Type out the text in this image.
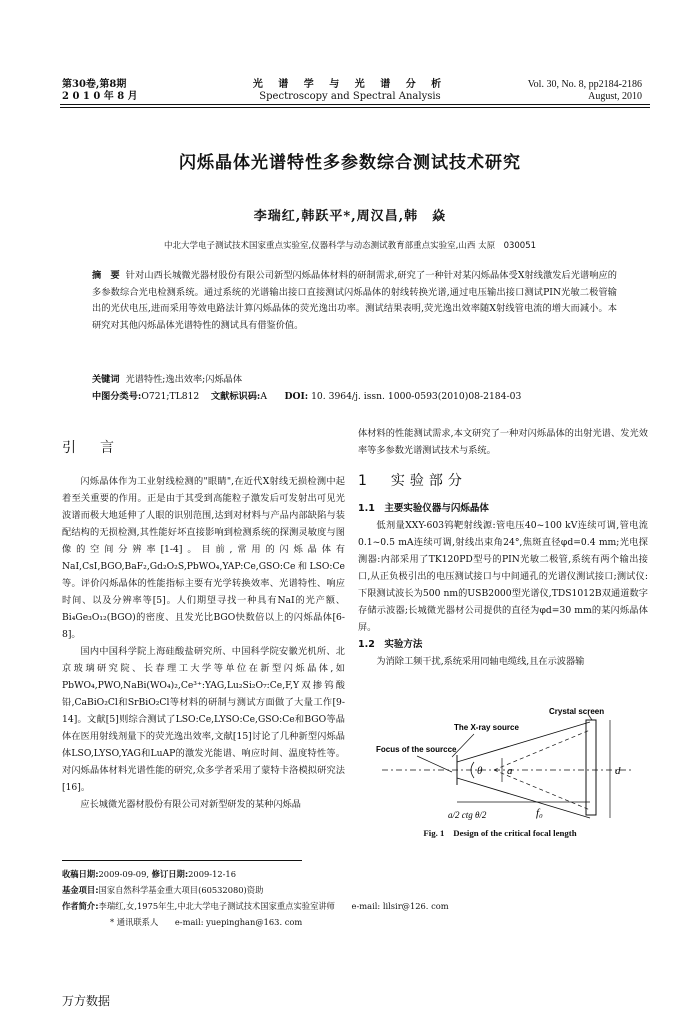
第30卷,第8期
2 0 1 0 年 8 月
光 谱 学 与 光 谱 分 析
Spectroscopy and Spectral Analysis
Vol. 30, No. 8, pp2184-2186
August, 2010
闪烁晶体光谱特性多参数综合测试技术研究
李瑞红,韩跃平*,周汉昌,韩　焱
中北大学电子测试技术国家重点实验室,仪器科学与动态测试教育部重点实验室,山西 太原　030051
摘　要 针对山西长城微光器材股份有限公司新型闪烁晶体材料的研制需求,研究了一种针对某闪烁晶体受X射线激发后光谱响应的多参数综合光电检测系统。通过系统的光谱输出接口直接测试闪烁晶体的射线转换光谱,通过电压输出接口测试PIN光敏二极管输出的光伏电压,进而采用等效电路法计算闪烁晶体的荧光逸出功率。测试结果表明,荧光逸出效率随X射线管电流的增大而减小。本研究对其他闪烁晶体光谱特性的测试具有借鉴价值。
关键词 光谱特性;逸出效率;闪烁晶体
中图分类号:O721;TL812 文献标识码:A DOI: 10. 3964/j. issn. 1000-0593(2010)08-2184-03
引　言

闪烁晶体作为工业射线检测的"眼睛",在近代X射线无损检测中起着至关重要的作用。正是由于其受到高能粒子激发后可发射出可见光波谱而极大地延伸了人眼的识别范围,达到对材料与产品内部缺陷与装配结构的无损检测,其性能好坏直接影响到检测系统的探测灵敏度与图像的空间分辨率[1-4]。目前,常用的闪烁晶体有NaI,CsI,BGO,BaF₂,Gd₂O₂S,PbWO₄,YAP:Ce,GSO:Ce和LSO:Ce等。评价闪烁晶体的性能指标主要有光学转换效率、光谱特性、响应时间、以及分辨率等[5]。人们期望寻找一种具有NaI的光产额、Bi₄Ge₃O₁₂(BGO)的密度、且发光比BGO快数倍以上的闪烁晶体[6-8]。

国内中国科学院上海硅酸盐研究所、中国科学院安徽光机所、北京玻璃研究院、长春理工大学等单位在新型闪烁晶体,如PbWO₄,PWO,NaBi(WO₄)₂,Ce³⁺:YAG,Lu₂Si₂O₇:Ce,F,Y双掺钨酸铅,CaBiO₂Cl和SrBiO₂Cl等材料的研制与测试方面做了大量工作[9-14]。文献[5]则综合测试了LSO:Ce,LYSO:Ce,GSO:Ce和BGO等晶体在医用射线剂量下的荧光逸出效率,文献[15]讨论了几种新型闪烁晶体LSO,LYSO,YAG和LuAP的激发光能谱、响应时间、温度特性等。对闪烁晶体材料光谱性能的研究,众多学者采用了蒙特卡洛模拟研究法[16]。

应长城微光器材股份有限公司对新型研发的某种闪烁晶

体材料的性能测试需求,本文研究了一种对闪烁晶体的出射光谱、发光效率等多参数光谱测试技术与系统。

1　实验部分
1.1　主要实验仪器与闪烁晶体

低剂量XXY-603钨靶射线源:管电压40~100 kV连续可调,管电流0.1~0.5 mA连续可调,射线出束角24°,焦斑直径φd=0.4 mm;光电探测器:内部采用了TK120PD型号的PIN光敏二极管,系统有两个输出接口,从正负极引出的电压测试接口与中间通孔的光谱仪测试接口;测试仪:下限测试波长为500 nm的USB2000型光谱仪,TDS1012B双通道数字存储示波器;长城微光器材公司提供的直径为φd=30 mm的某闪烁晶体屏。

1.2　实验方法

为消除工频干扰,系统采用同轴电缆线,且在示波器输

Crystal screen
The X-ray source
Focus of the sourcce
θ a	d
a/2 ctg θ/2	f₀
Fig. 1　Design of the critical focal length
收稿日期:2009-09-09, 修订日期:2009-12-16
基金项目:国家自然科学基金重大项目(60532080)资助
作者简介:李瑞红,女,1975年生,中北大学电子测试技术国家重点实验室讲师　　e-mail: lilsir@126. com
* 通讯联系人　　e-mail: yuepinghan@163. com
万方数据
